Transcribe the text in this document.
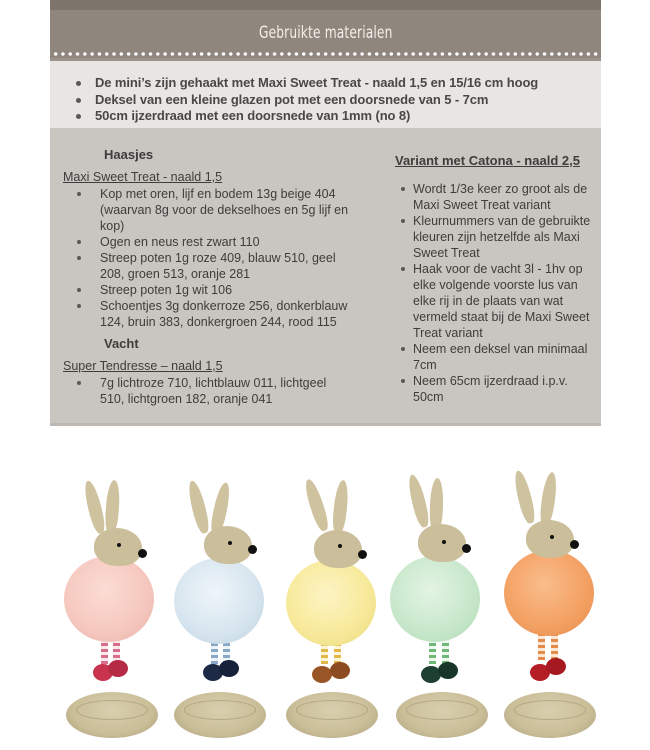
Gebruikte materialen
De mini’s zijn gehaakt met Maxi Sweet Treat - naald 1,5 en 15/16 cm hoog
Deksel van een kleine glazen pot met een doorsnede van 5 - 7cm
50cm ijzerdraad met een doorsnede van 1mm (no 8)
Haasjes
Maxi Sweet Treat - naald 1,5
Kop met oren, lijf en bodem 13g beige 404 (waarvan 8g voor de dekselhoes en 5g lijf en kop)
Ogen en neus rest zwart 110
Streep poten 1g roze 409, blauw 510, geel 208, groen 513, oranje 281
Streep poten 1g wit 106
Schoentjes 3g donkerroze 256, donkerblauw 124, bruin 383, donkergroen 244, rood 115
Vacht
Super Tendresse – naald 1,5
7g lichtroze 710, lichtblauw 011, lichtgeel 510, lichtgroen 182, oranje 041
Variant met Catona - naald 2,5
Wordt 1/3e keer zo groot als de Maxi Sweet Treat variant
Kleurnummers van de gebruikte kleuren zijn hetzelfde als Maxi Sweet Treat
Haak voor de vacht 3l - 1hv op elke volgende voorste lus van elke rij in de plaats van wat vermeld staat bij de Maxi Sweet Treat variant
Neem een deksel van minimaal 7cm
Neem 65cm ijzerdraad i.p.v. 50cm
